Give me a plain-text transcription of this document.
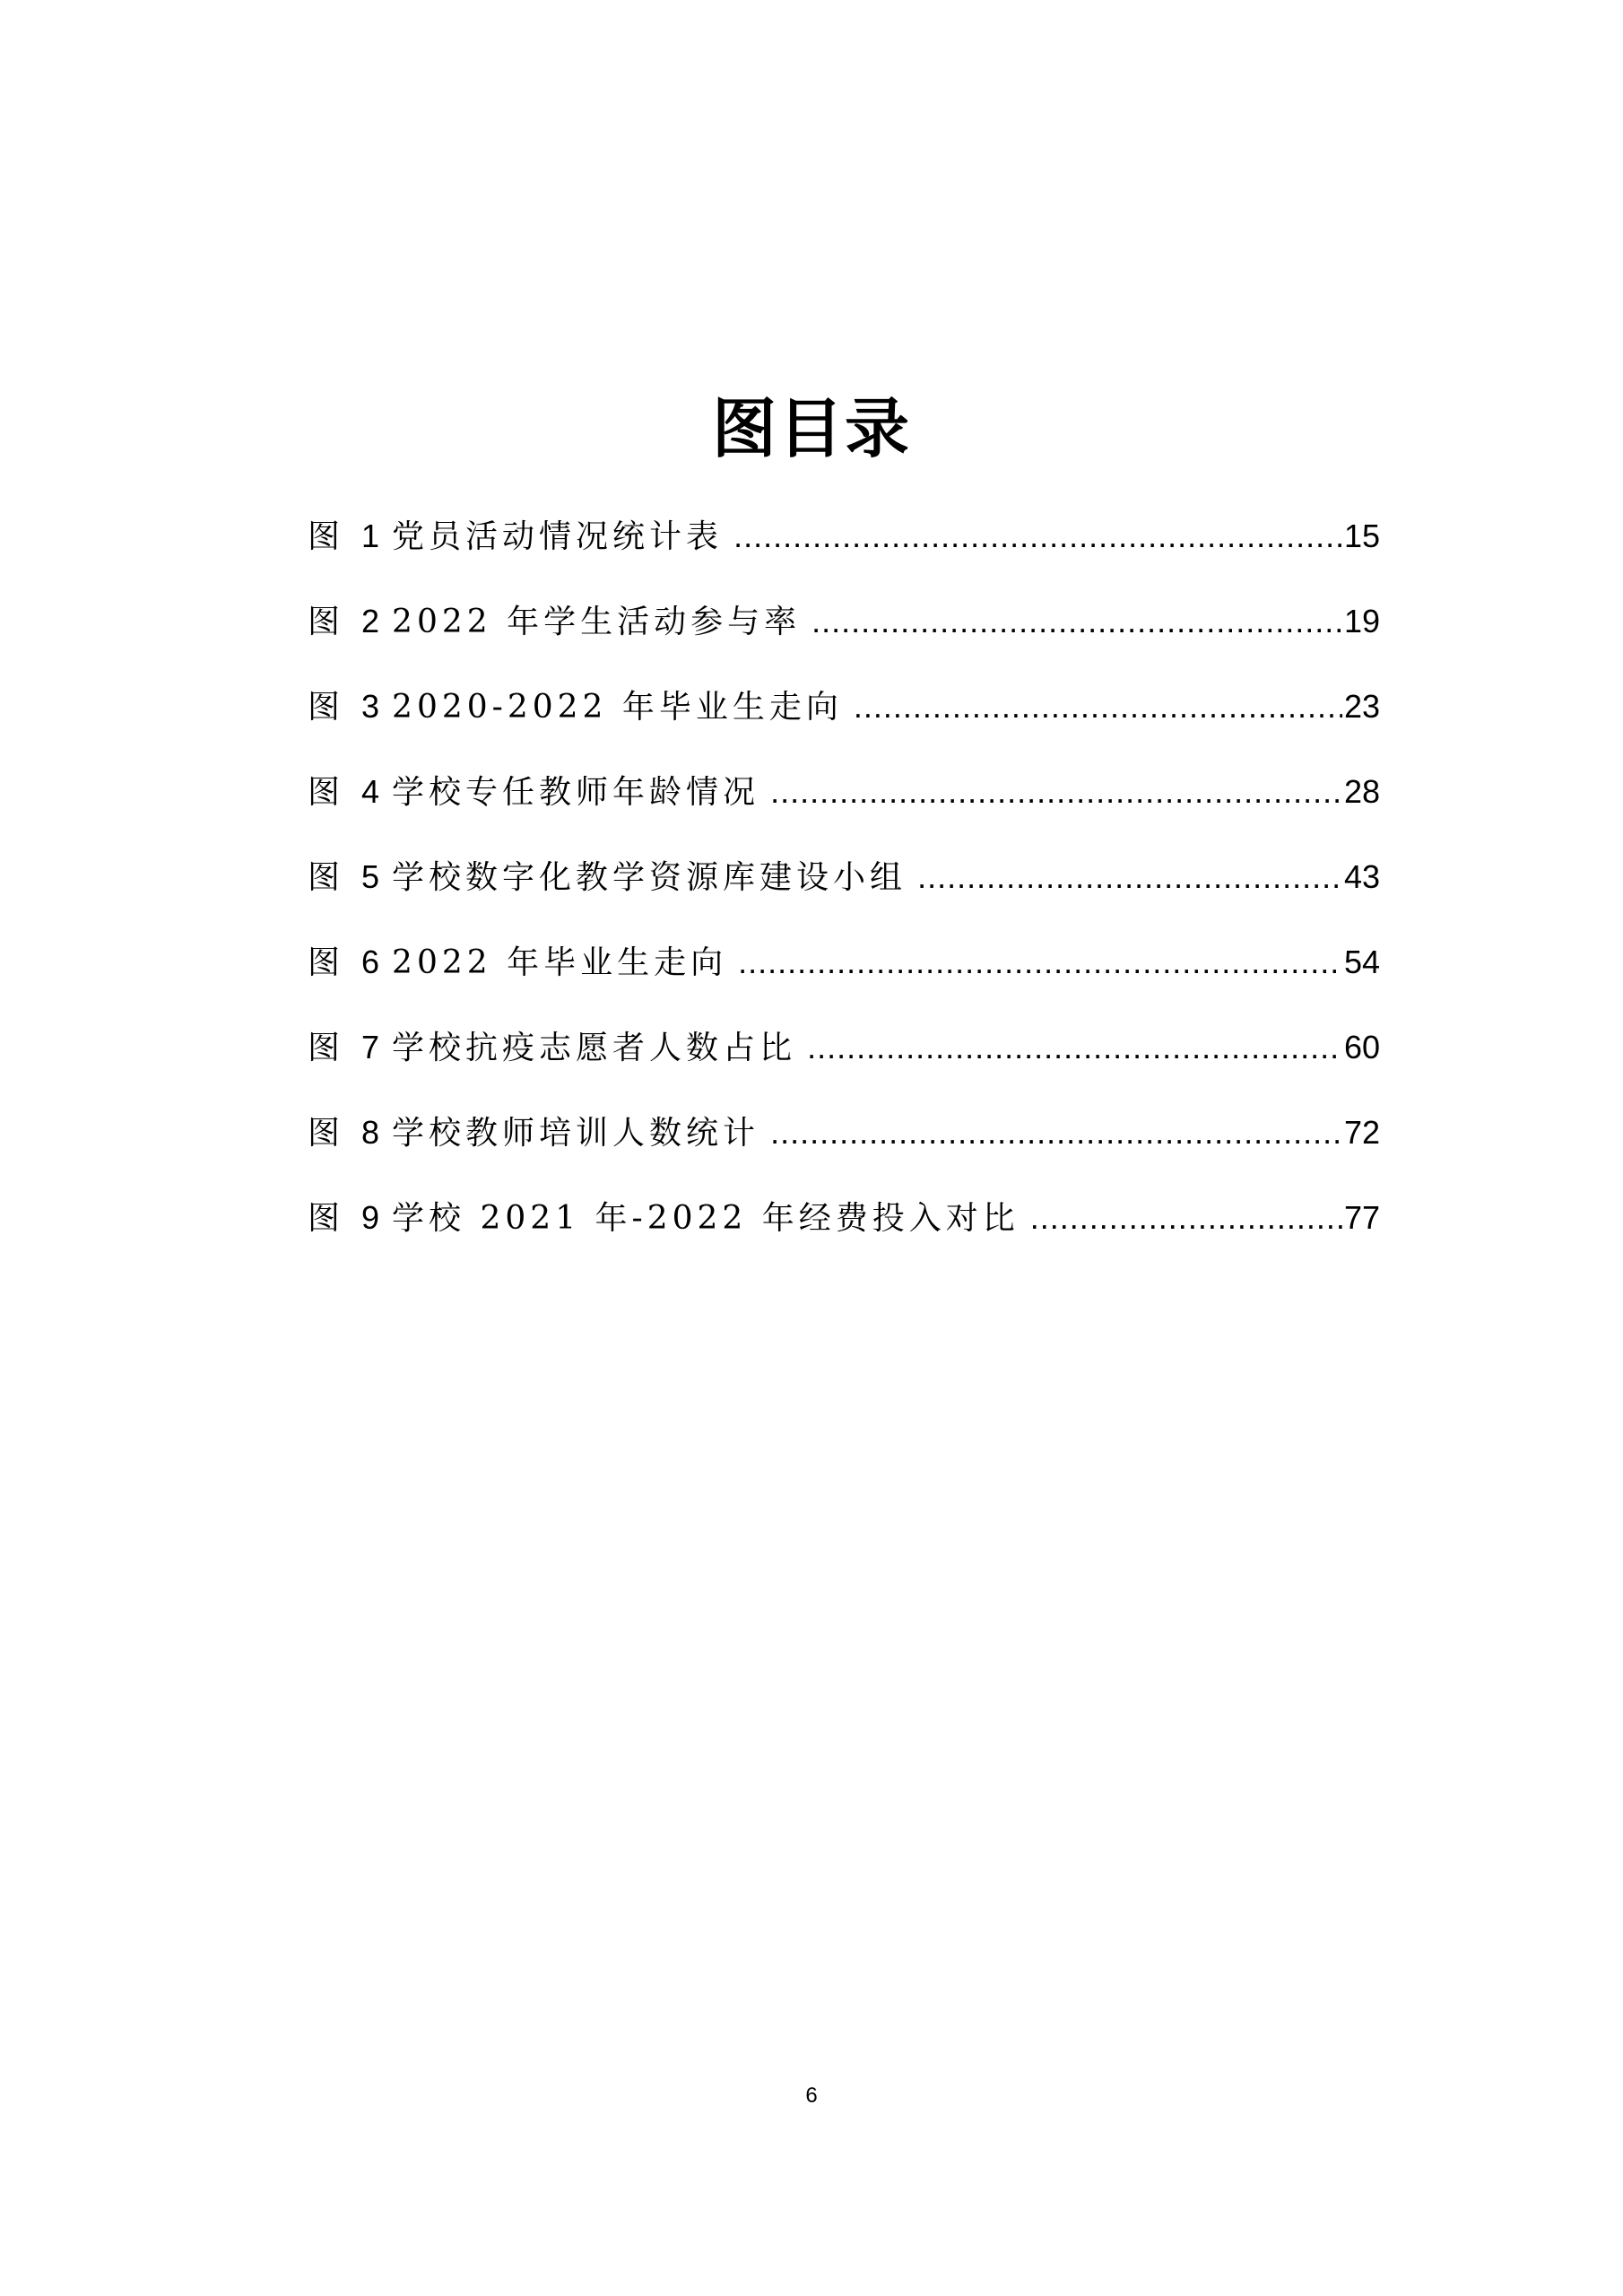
图目录
图 1 党员活动情况统计表 .....	15
图 2 2022 年学生活动参与率 .....	19
图 3 2020-2022 年毕业生走向 .....	23
图 4 学校专任教师年龄情况 .....	28
图 5 学校数字化教学资源库建设小组 .....	43
图 6 2022 年毕业生走向 .....	54
图 7 学校抗疫志愿者人数占比 .....	60
图 8 学校教师培训人数统计 .....	72
图 9 学校 2021 年-2022 年经费投入对比 .....	77
6
